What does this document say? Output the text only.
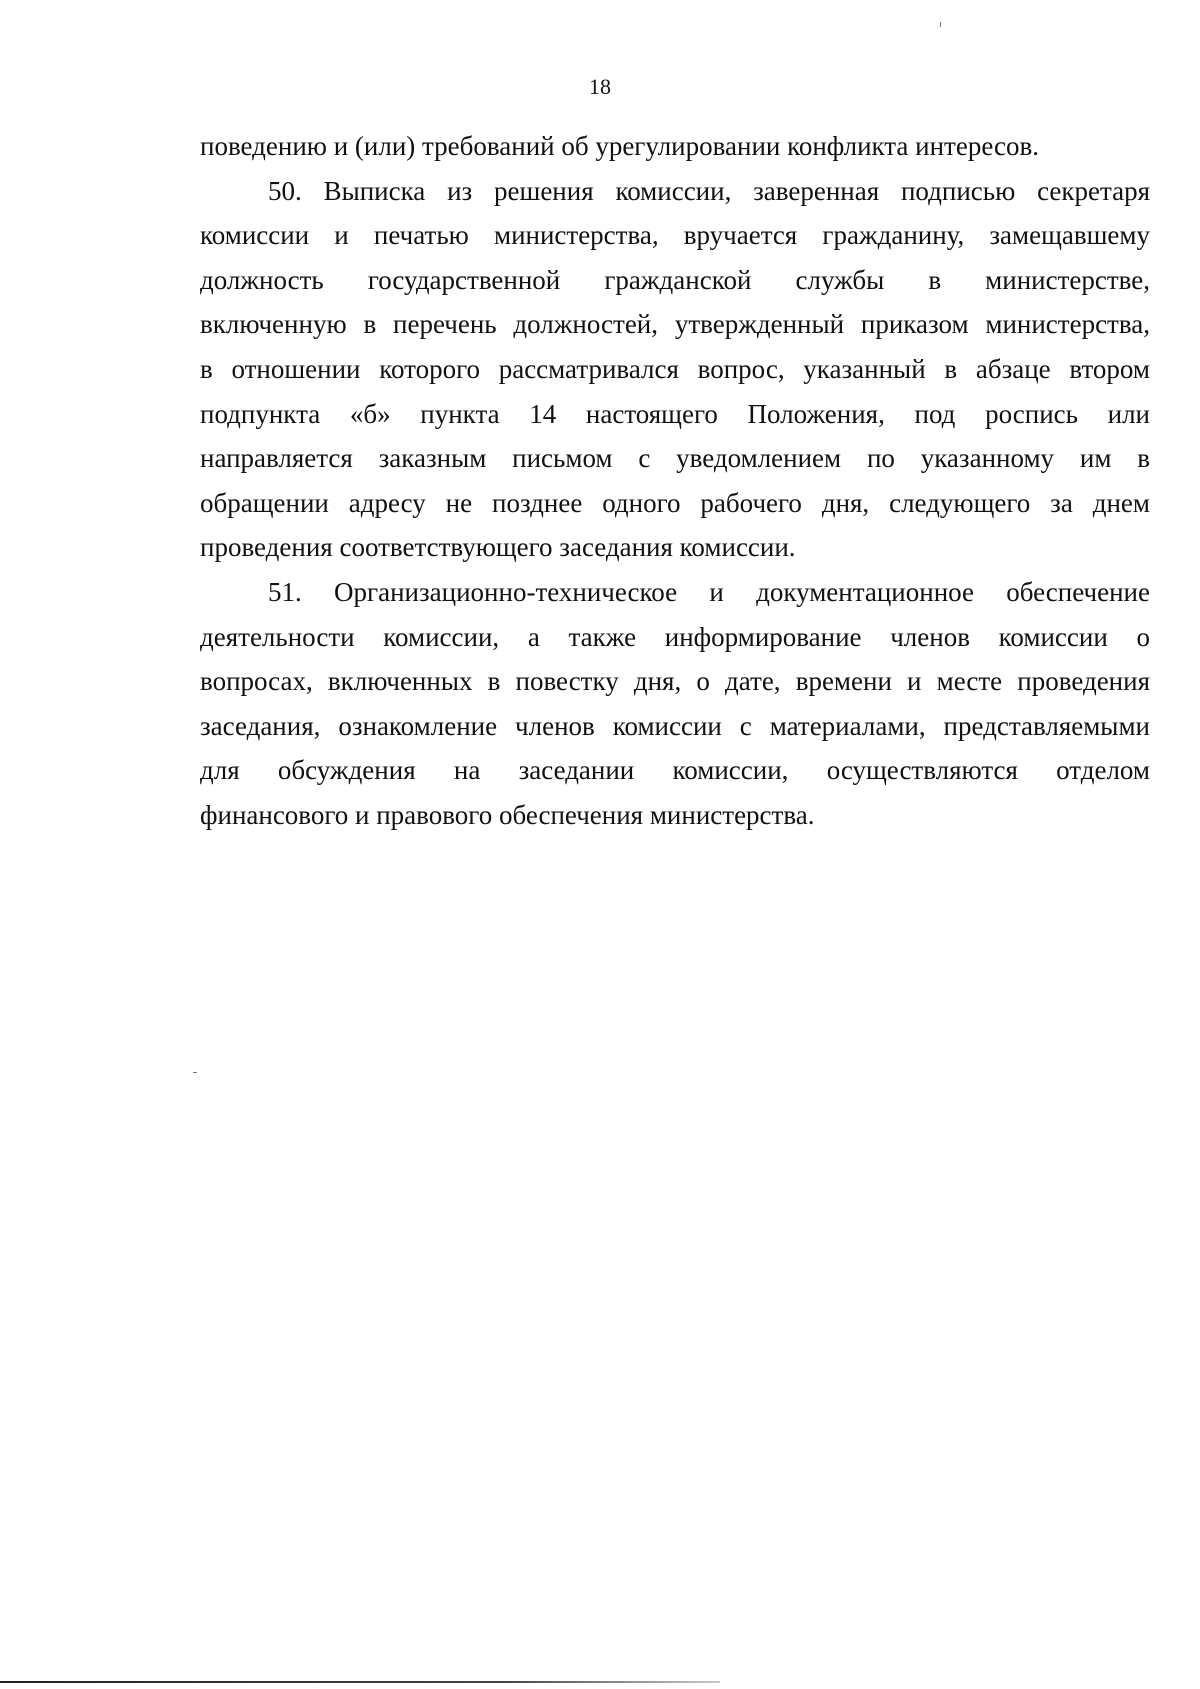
18
поведению и (или) требований об урегулировании конфликта интересов.
50. Выписка из решения комиссии, заверенная подписью секретаря
комиссии и печатью министерства, вручается гражданину, замещавшему
должность государственной гражданской службы в министерстве,
включенную в перечень должностей, утвержденный приказом министерства,
в отношении которого рассматривался вопрос, указанный в абзаце втором
подпункта «б» пункта 14 настоящего Положения, под роспись или
направляется заказным письмом с уведомлением по указанному им в
обращении адресу не позднее одного рабочего дня, следующего за днем
проведения соответствующего заседания комиссии.
51. Организационно-техническое и документационное обеспечение
деятельности комиссии, а также информирование членов комиссии о
вопросах, включенных в повестку дня, о дате, времени и месте проведения
заседания, ознакомление членов комиссии с материалами, представляемыми
для обсуждения на заседании комиссии, осуществляются отделом
финансового и правового обеспечения министерства.
